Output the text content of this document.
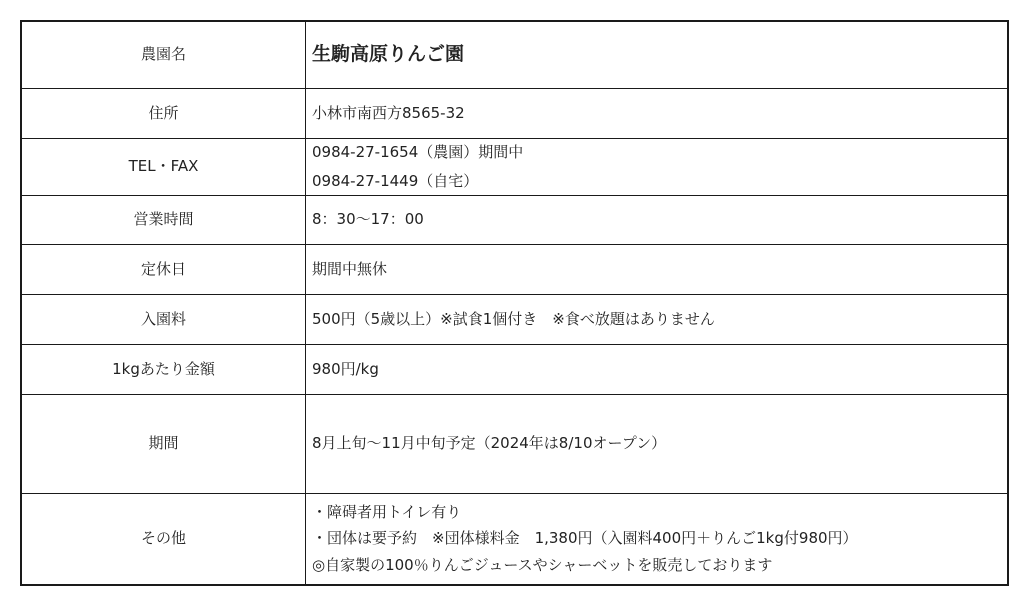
農園名	生駒高原りんご園

住所	小林市南西方8565-32

TEL・FAX	0984-27-1654（農園）期間中
0984-27-1449（自宅）

営業時間	8：30〜17：00

定休日	期間中無休

入園料	500円（5歳以上）※試食1個付き　※食べ放題はありません

1kgあたり金額	980円/kg

期間	8月上旬〜11月中旬予定（2024年は8/10オープン）

その他	・障碍者用トイレ有り
・団体は要予約　※団体様料金　1,380円（入園料400円＋りんご1kg付980円）
◎自家製の100％りんごジュースやシャーベットを販売しております
